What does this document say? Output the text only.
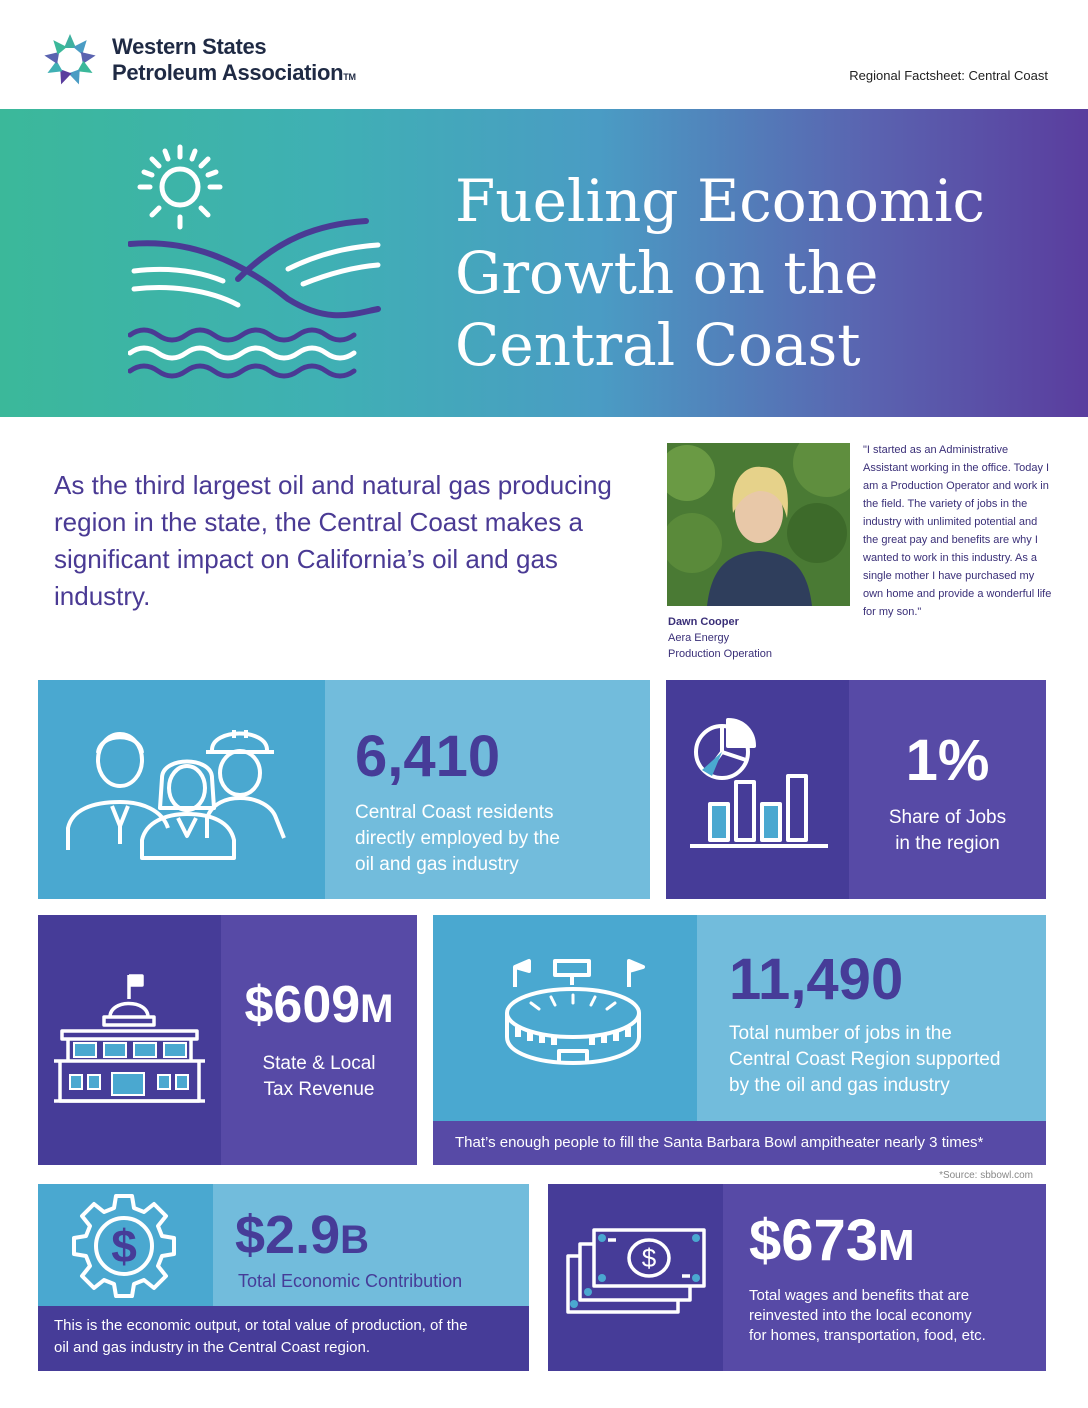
Western States
Petroleum AssociationTM	Regional Factsheet: Central Coast
Fueling Economic
Growth on the
Central Coast
As the third largest oil and natural gas producing region in the state, the Central Coast makes a significant impact on California’s oil and gas industry.
Dawn Cooper
Aera Energy
Production Operation
"I started as an Administrative Assistant working in the office. Today I am a Production Operator and work in the field. The variety of jobs in the industry with unlimited potential and the great pay and benefits are why I wanted to work in this industry. As a single mother I have purchased my own home and provide a wonderful life for my son."
6,410
Central Coast residents
directly employed by the
oil and gas industry
1%
Share of Jobs
in the region
$609M
State & Local
Tax Revenue
11,490
Total number of jobs in the
Central Coast Region supported
by the oil and gas industry
That’s enough people to fill the Santa Barbara Bowl ampitheater nearly 3 times*
*Source: sbbowl.com
$ $2.9B
Total Economic Contribution
This is the economic output, or total value of production, of the
oil and gas industry in the Central Coast region.
$ $673M
Total wages and benefits that are
reinvested into the local economy
for homes, transportation, food, etc.
